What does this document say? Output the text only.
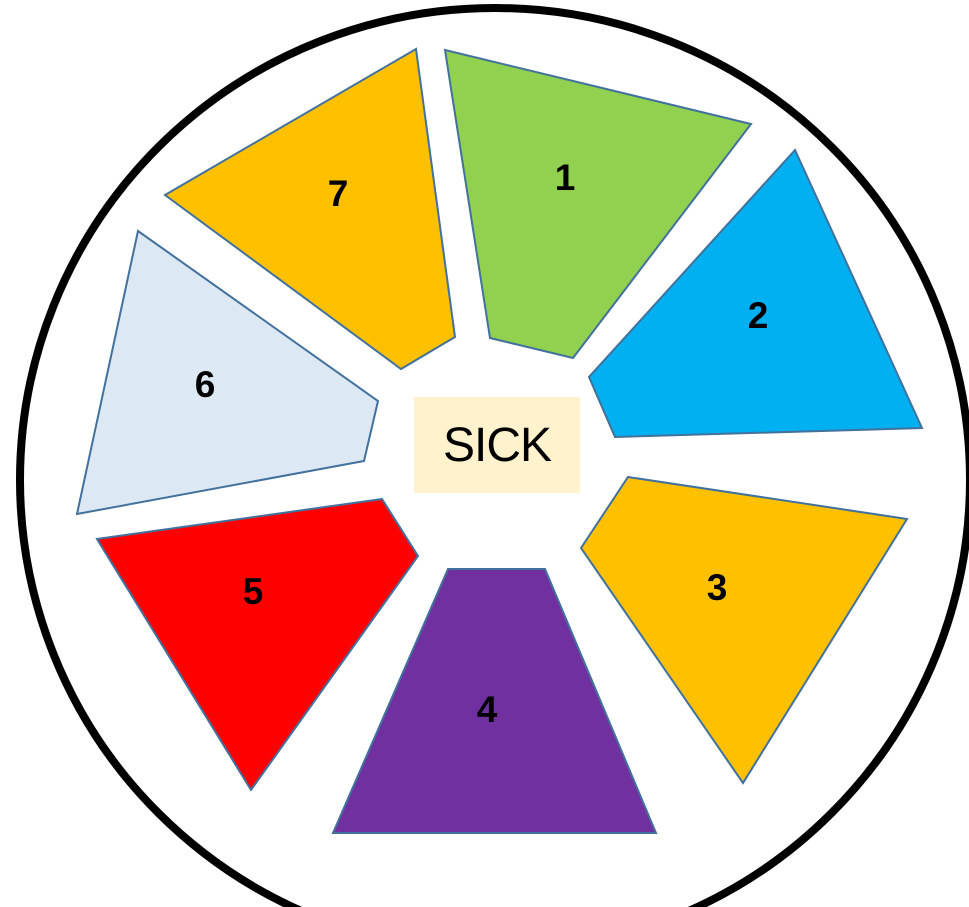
1
2
3
4
5
6
7
SICK
